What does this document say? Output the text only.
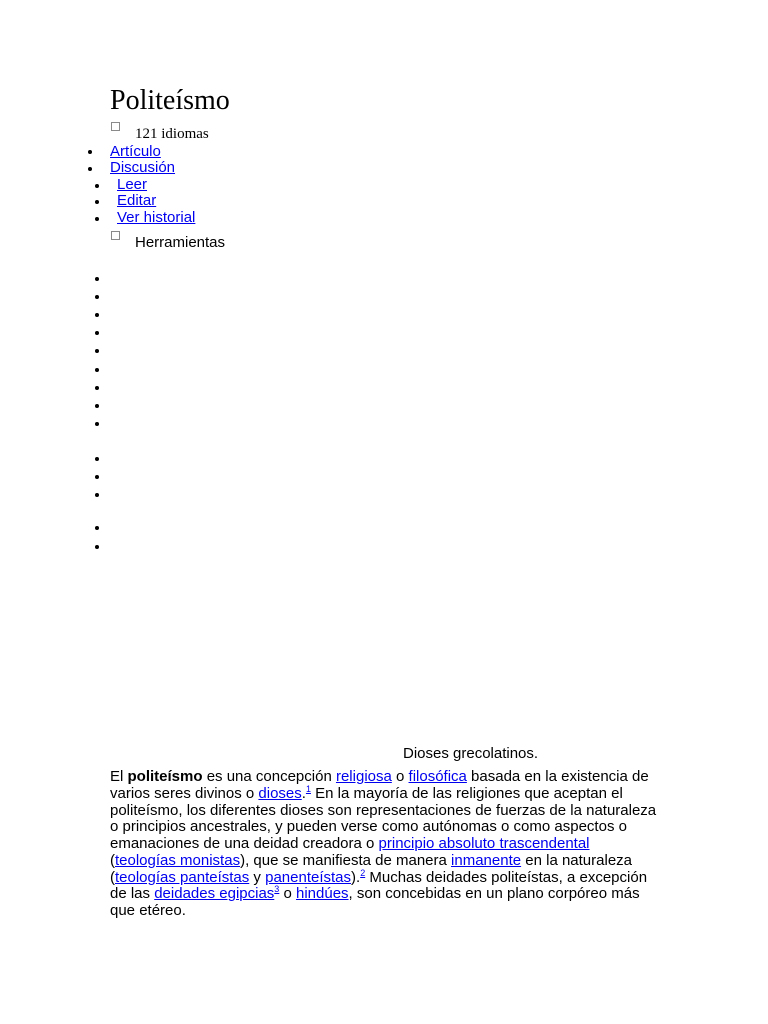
Politeísmo
121 idiomas
Artículo
Discusión
Leer
Editar
Ver historial
Herramientas
Dioses grecolatinos.

El politeísmo es una concepción religiosa o filosófica basada en la existencia de varios seres divinos o dioses.$^1$ En la mayoría de las religiones que aceptan el politeísmo, los diferentes dioses son representaciones de fuerzas de la naturaleza o principios ancestrales, y pueden verse como autónomas o como aspectos o emanaciones de una deidad creadora o principio absoluto trascendental (teologías monistas), que se manifiesta de manera inmanente en la naturaleza (teologías panteístas y panenteístas).$^2$ Muchas deidades politeístas, a excepción de las deidades egipcias$^3$ o hindúes, son concebidas en un plano corpóreo más que etéreo.
